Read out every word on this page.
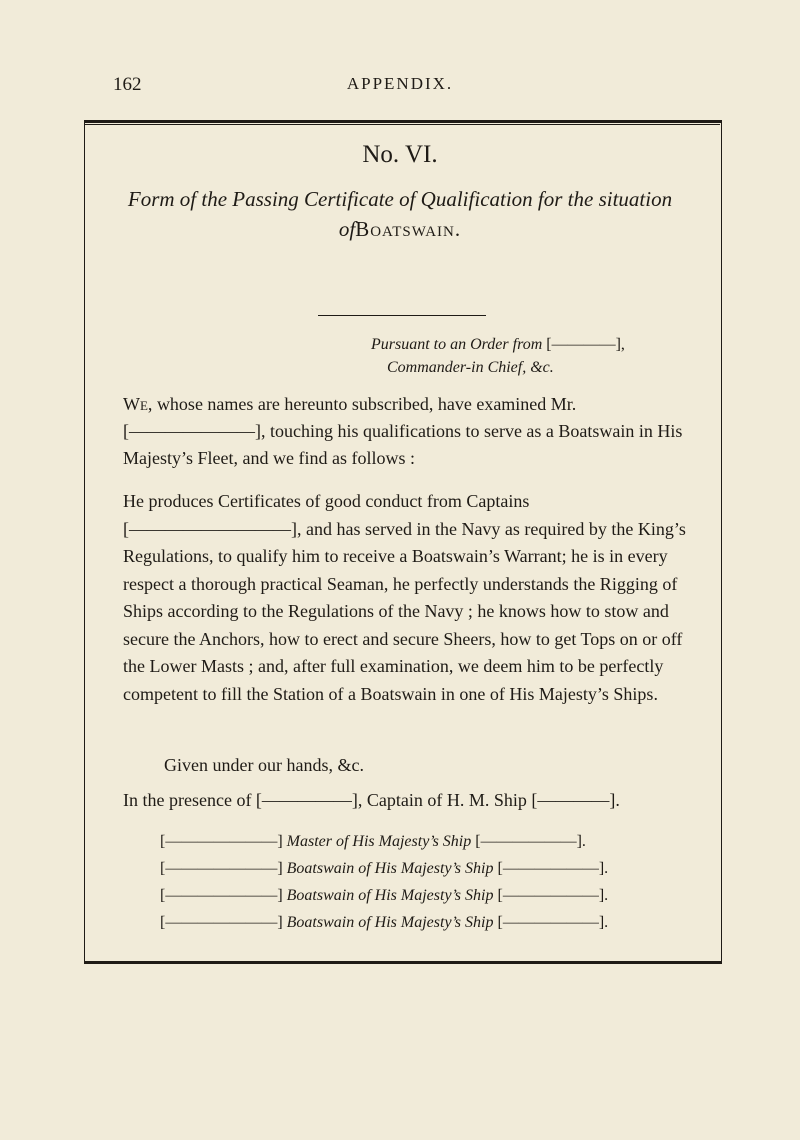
162	APPENDIX.
No. VI.
Form of the Passing Certificate of Qualification for the situation
ofBoatswain.
Pursuant to an Order from [————],
Commander-in Chief, &c.
We, whose names are hereunto subscribed, have examined Mr. [———————], touching his qualifications to serve as a Boatswain in His Majesty’s Fleet, and we find as follows :
He produces Certificates of good conduct from Captains [—————————], and has served in the Navy as required by the King’s Regulations, to qualify him to receive a Boatswain’s Warrant; he is in every respect a thorough practical Seaman, he perfectly understands the Rigging of Ships according to the Regulations of the Navy ; he knows how to stow and secure the Anchors, how to erect and secure Sheers, how to get Tops on or off the Lower Masts ; and, after full examination, we deem him to be perfectly competent to fill the Station of a Boatswain in one of His Majesty’s Ships.
Given under our hands, &c.
In the presence of [—————], Captain of H. M. Ship [————].
[———————] Master of His Majesty’s Ship [——————].
[———————] Boatswain of His Majesty’s Ship [——————].
[———————] Boatswain of His Majesty’s Ship [——————].
[———————] Boatswain of His Majesty’s Ship [——————].
